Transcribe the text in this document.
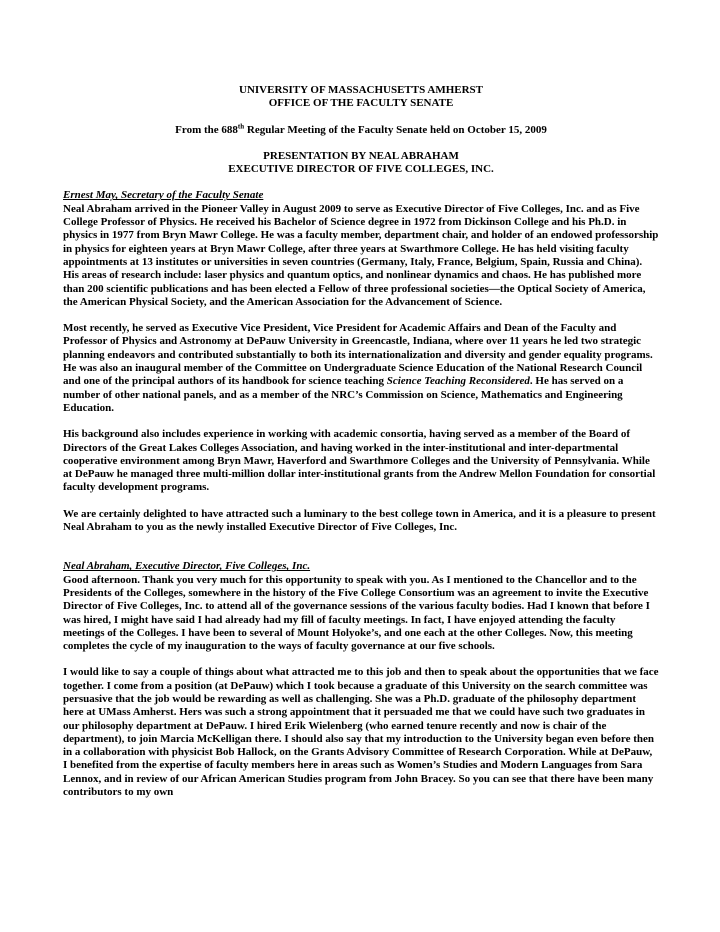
UNIVERSITY OF MASSACHUSETTS AMHERST
OFFICE OF THE FACULTY SENATE
From the 688th Regular Meeting of the Faculty Senate held on October 15, 2009
PRESENTATION BY NEAL ABRAHAM
EXECUTIVE DIRECTOR OF FIVE COLLEGES, INC.
Ernest May, Secretary of the Faculty Senate

Neal Abraham arrived in the Pioneer Valley in August 2009 to serve as Executive Director of Five Colleges, Inc. and as Five College Professor of Physics. He received his Bachelor of Science degree in 1972 from Dickinson College and his Ph.D. in physics in 1977 from Bryn Mawr College. He was a faculty member, department chair, and holder of an endowed professorship in physics for eighteen years at Bryn Mawr College, after three years at Swarthmore College. He has held visiting faculty appointments at 13 institutes or universities in seven countries (Germany, Italy, France, Belgium, Spain, Russia and China). His areas of research include: laser physics and quantum optics, and nonlinear dynamics and chaos. He has published more than 200 scientific publications and has been elected a Fellow of three professional societies—the Optical Society of America, the American Physical Society, and the American Association for the Advancement of Science.

Most recently, he served as Executive Vice President, Vice President for Academic Affairs and Dean of the Faculty and Professor of Physics and Astronomy at DePauw University in Greencastle, Indiana, where over 11 years he led two strategic planning endeavors and contributed substantially to both its internationalization and diversity and gender equality programs. He was also an inaugural member of the Committee on Undergraduate Science Education of the National Research Council and one of the principal authors of its handbook for science teaching Science Teaching Reconsidered. He has served on a number of other national panels, and as a member of the NRC’s Commission on Science, Mathematics and Engineering Education.

His background also includes experience in working with academic consortia, having served as a member of the Board of Directors of the Great Lakes Colleges Association, and having worked in the inter-institutional and inter-departmental cooperative environment among Bryn Mawr, Haverford and Swarthmore Colleges and the University of Pennsylvania. While at DePauw he managed three multi-million dollar inter-institutional grants from the Andrew Mellon Foundation for consortial faculty development programs.

We are certainly delighted to have attracted such a luminary to the best college town in America, and it is a pleasure to present Neal Abraham to you as the newly installed Executive Director of Five Colleges, Inc.

Neal Abraham, Executive Director, Five Colleges, Inc.

Good afternoon. Thank you very much for this opportunity to speak with you. As I mentioned to the Chancellor and to the Presidents of the Colleges, somewhere in the history of the Five College Consortium was an agreement to invite the Executive Director of Five Colleges, Inc. to attend all of the governance sessions of the various faculty bodies. Had I known that before I was hired, I might have said I had already had my fill of faculty meetings. In fact, I have enjoyed attending the faculty meetings of the Colleges. I have been to several of Mount Holyoke’s, and one each at the other Colleges. Now, this meeting completes the cycle of my inauguration to the ways of faculty governance at our five schools.

I would like to say a couple of things about what attracted me to this job and then to speak about the opportunities that we face together. I come from a position (at DePauw) which I took because a graduate of this University on the search committee was persuasive that the job would be rewarding as well as challenging. She was a Ph.D. graduate of the philosophy department here at UMass Amherst. Hers was such a strong appointment that it persuaded me that we could have such two graduates in our philosophy department at DePauw. I hired Erik Wielenberg (who earned tenure recently and now is chair of the department), to join Marcia McKelligan there. I should also say that my introduction to the University began even before then in a collaboration with physicist Bob Hallock, on the Grants Advisory Committee of Research Corporation. While at DePauw, I benefited from the expertise of faculty members here in areas such as Women’s Studies and Modern Languages from Sara Lennox, and in review of our African American Studies program from John Bracey. So you can see that there have been many contributors to my own
